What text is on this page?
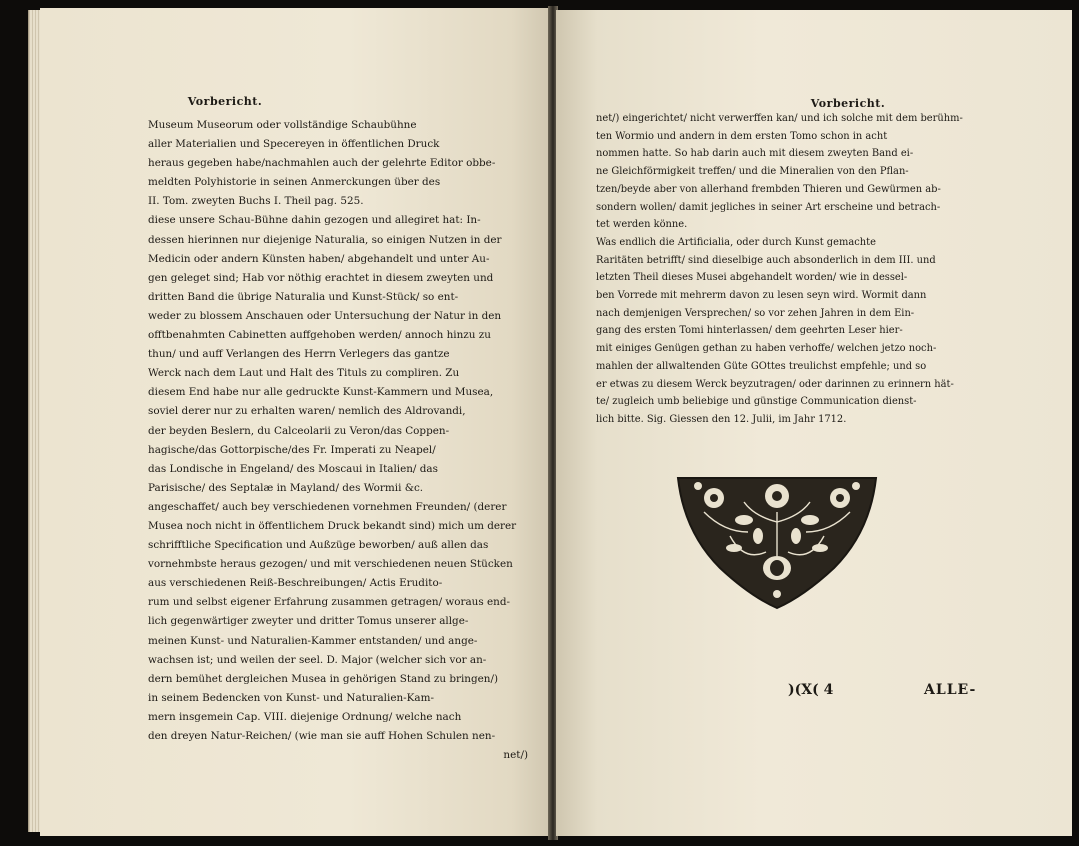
Vorbericht.
Museum Museorum oder vollständige Schaubühne
aller Materialien und Specereyen in öffentlichen Druck
heraus gegeben habe/nachmahlen auch der gelehrte Editor obbe-
meldten Polyhistorie in seinen Anmerckungen über des
II. Tom. zweyten Buchs I. Theil pag. 525.
diese unsere Schau-Bühne dahin gezogen und allegiret hat: In-
dessen hierinnen nur diejenige Naturalia, so einigen Nutzen in der
Medicin oder andern Künsten haben/ abgehandelt und unter Au-
gen geleget sind; Hab vor nöthig erachtet in diesem zweyten und
dritten Band die übrige Naturalia und Kunst-Stück/ so ent-
weder zu blossem Anschauen oder Untersuchung der Natur in den
offtbenahmten Cabinetten auffgehoben werden/ annoch hinzu zu
thun/ und auff Verlangen des Herrn Verlegers das gantze
Werck nach dem Laut und Halt des Tituls zu compliren. Zu
diesem End habe nur alle gedruckte Kunst-Kammern und Musea,
soviel derer nur zu erhalten waren/ nemlich des Aldrovandi,
der beyden Beslern, du Calceolarii zu Veron/das Coppen-
hagische/das Gottorpische/des Fr. Imperati zu Neapel/
das Londische in Engeland/ des Moscaui in Italien/ das
Parisische/ des Septalæ in Mayland/ des Wormii &c.
angeschaffet/ auch bey verschiedenen vornehmen Freunden/ (derer
Musea noch nicht in öffentlichem Druck bekandt sind) mich um derer
schrifftliche Specification und Außzüge beworben/ auß allen das
vornehmbste heraus gezogen/ und mit verschiedenen neuen Stücken
aus verschiedenen Reiß-Beschreibungen/ Actis Erudito-
rum und selbst eigener Erfahrung zusammen getragen/ woraus end-
lich gegenwärtiger zweyter und dritter Tomus unserer allge-
meinen Kunst- und Naturalien-Kammer entstanden/ und ange-
wachsen ist; und weilen der seel. D. Major (welcher sich vor an-
dern bemühet dergleichen Musea in gehörigen Stand zu bringen/)
in seinem Bedencken von Kunst- und Naturalien-Kam-
mern insgemein Cap. VIII. diejenige Ordnung/ welche nach
den dreyen Natur-Reichen/ (wie man sie auff Hohen Schulen nen-
net/)
Vorbericht.
net/) eingerichtet/ nicht verwerffen kan/ und ich solche mit dem berühm-
ten Wormio und andern in dem ersten Tomo schon in acht
nommen hatte. So hab darin auch mit diesem zweyten Band ei-
ne Gleichförmigkeit treffen/ und die Mineralien von den Pflan-
tzen/beyde aber von allerhand frembden Thieren und Gewürmen ab-
sondern wollen/ damit jegliches in seiner Art erscheine und betrach-
tet werden könne.
Was endlich die Artificialia, oder durch Kunst gemachte
Raritäten betrifft/ sind dieselbige auch absonderlich in dem III. und
letzten Theil dieses Musei abgehandelt worden/ wie in dessel-
ben Vorrede mit mehrerm davon zu lesen seyn wird. Wormit dann
nach demjenigen Versprechen/ so vor zehen Jahren in dem Ein-
gang des ersten Tomi hinterlassen/ dem geehrten Leser hier-
mit einiges Genügen gethan zu haben verhoffe/ welchen jetzo noch-
mahlen der allwaltenden Güte GOttes treulichst empfehle; und so
er etwas zu diesem Werck beyzutragen/ oder darinnen zu erinnern hät-
te/ zugleich umb beliebige und günstige Communication dienst-
lich bitte. Sig. Giessen den 12. Julii, im Jahr 1712.
)(X( 4	ALLE-
